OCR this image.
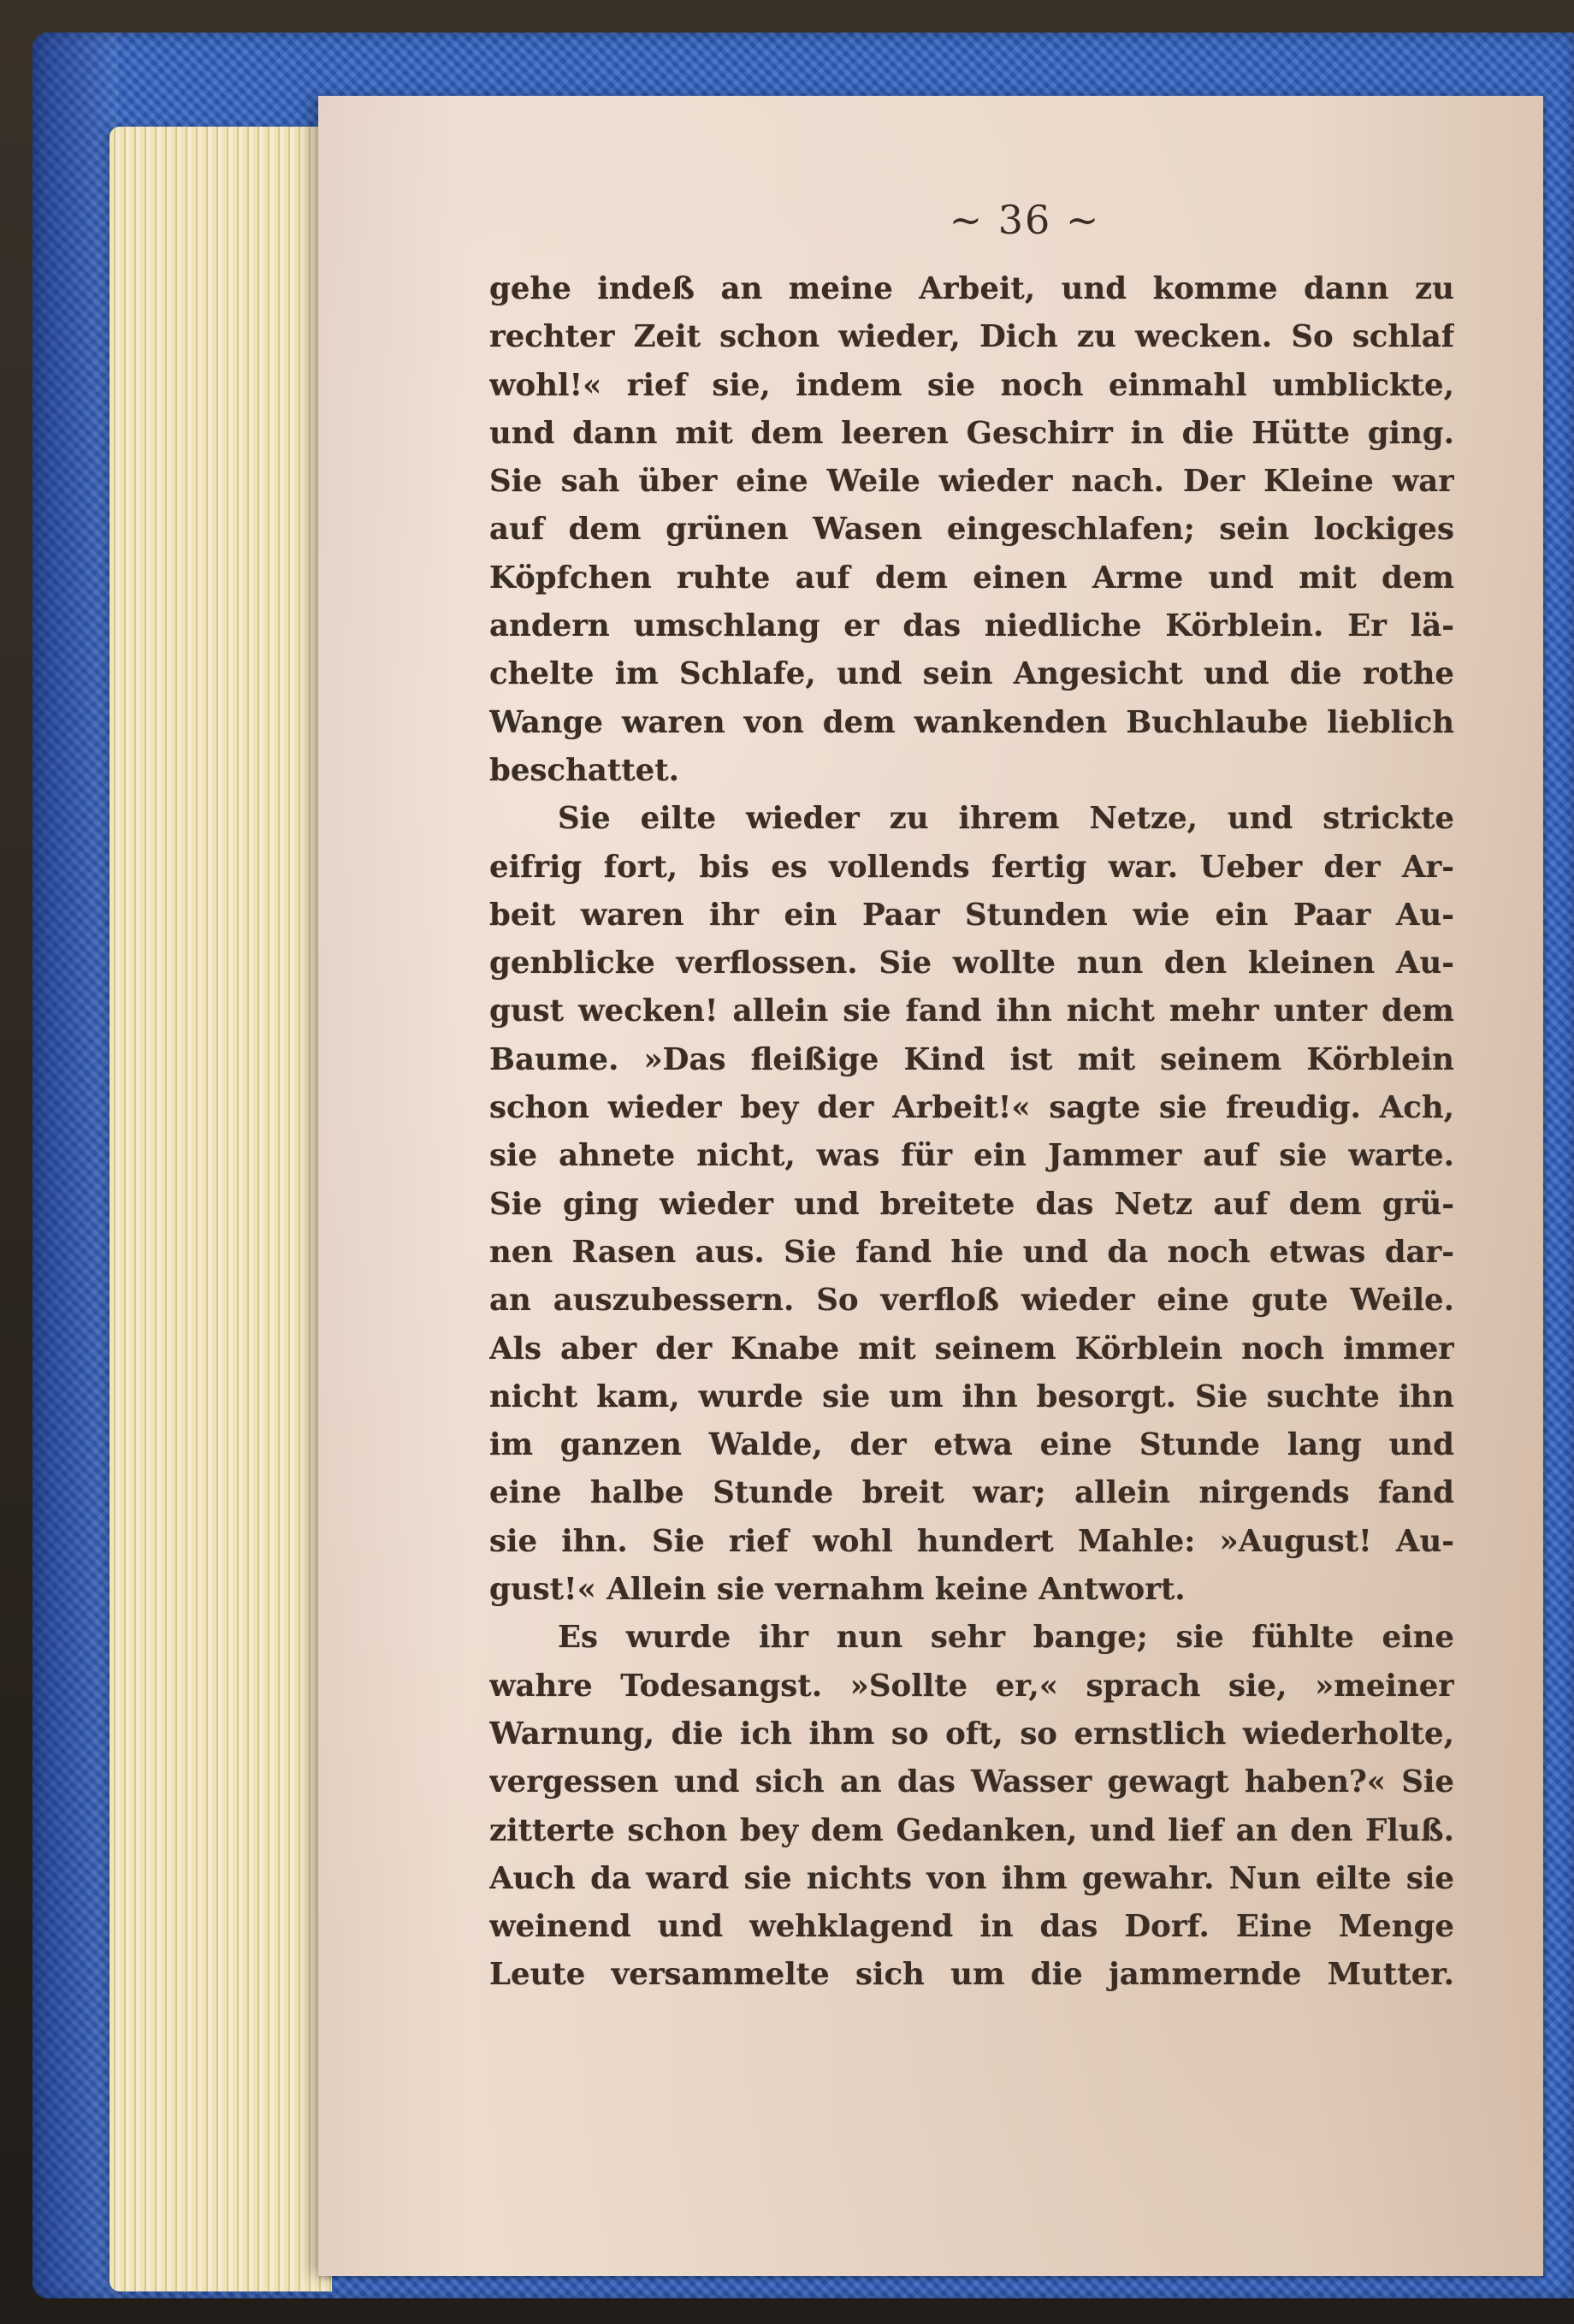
~ 36 ~
gehe indeß an meine Arbeit, und komme dann zu
rechter Zeit schon wieder, Dich zu wecken. So schlaf
wohl!« rief sie, indem sie noch einmahl umblickte,
und dann mit dem leeren Geschirr in die Hütte ging.
Sie sah über eine Weile wieder nach. Der Kleine war
auf dem grünen Wasen eingeschlafen; sein lockiges
Köpfchen ruhte auf dem einen Arme und mit dem
andern umschlang er das niedliche Körblein. Er lä-
chelte im Schlafe, und sein Angesicht und die rothe
Wange waren von dem wankenden Buchlaube lieblich
beschattet.
Sie eilte wieder zu ihrem Netze, und strickte
eifrig fort, bis es vollends fertig war. Ueber der Ar-
beit waren ihr ein Paar Stunden wie ein Paar Au-
genblicke verflossen. Sie wollte nun den kleinen Au-
gust wecken! allein sie fand ihn nicht mehr unter dem
Baume. »Das fleißige Kind ist mit seinem Körblein
schon wieder bey der Arbeit!« sagte sie freudig. Ach,
sie ahnete nicht, was für ein Jammer auf sie warte.
Sie ging wieder und breitete das Netz auf dem grü-
nen Rasen aus. Sie fand hie und da noch etwas dar-
an auszubessern. So verfloß wieder eine gute Weile.
Als aber der Knabe mit seinem Körblein noch immer
nicht kam, wurde sie um ihn besorgt. Sie suchte ihn
im ganzen Walde, der etwa eine Stunde lang und
eine halbe Stunde breit war; allein nirgends fand
sie ihn. Sie rief wohl hundert Mahle: »August! Au-
gust!« Allein sie vernahm keine Antwort.
Es wurde ihr nun sehr bange; sie fühlte eine
wahre Todesangst. »Sollte er,« sprach sie, »meiner
Warnung, die ich ihm so oft, so ernstlich wiederholte,
vergessen und sich an das Wasser gewagt haben?« Sie
zitterte schon bey dem Gedanken, und lief an den Fluß.
Auch da ward sie nichts von ihm gewahr. Nun eilte sie
weinend und wehklagend in das Dorf. Eine Menge
Leute versammelte sich um die jammernde Mutter.
